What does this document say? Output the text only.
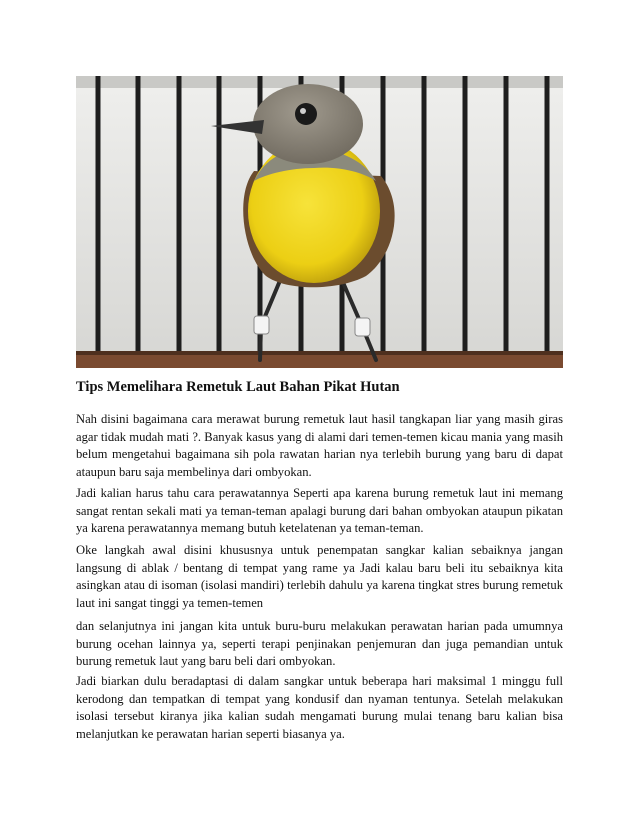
Tips Memelihara Remetuk Laut Bahan Pikat Hutan

Nah disini bagaimana cara merawat burung remetuk laut hasil tangkapan liar yang masih giras agar tidak mudah mati ?. Banyak kasus yang di alami dari temen-temen kicau mania yang masih belum mengetahui bagaimana sih pola rawatan harian nya terlebih burung yang baru di dapat ataupun baru saja membelinya dari ombyokan.

Jadi kalian harus tahu cara perawatannya Seperti apa karena burung remetuk laut ini memang sangat rentan sekali mati ya teman-teman apalagi burung dari bahan ombyokan ataupun pikatan ya karena perawatannya memang butuh ketelatenan ya teman-teman.

Oke langkah awal disini khususnya untuk penempatan sangkar kalian sebaiknya jangan langsung di ablak / bentang di tempat yang rame ya Jadi kalau baru beli itu sebaiknya kita asingkan atau di isoman (isolasi mandiri) terlebih dahulu ya karena tingkat stres burung remetuk laut ini sangat tinggi ya temen-temen

dan selanjutnya ini jangan kita untuk buru-buru melakukan perawatan harian pada umumnya burung ocehan lainnya ya, seperti terapi penjinakan penjemuran dan juga pemandian untuk burung remetuk laut yang baru beli dari ombyokan.

Jadi biarkan dulu beradaptasi di dalam sangkar untuk beberapa hari maksimal 1 minggu full kerodong dan tempatkan di tempat yang kondusif dan nyaman tentunya. Setelah melakukan isolasi tersebut kiranya jika kalian sudah mengamati burung mulai tenang baru kalian bisa melanjutkan ke perawatan harian seperti biasanya ya.
